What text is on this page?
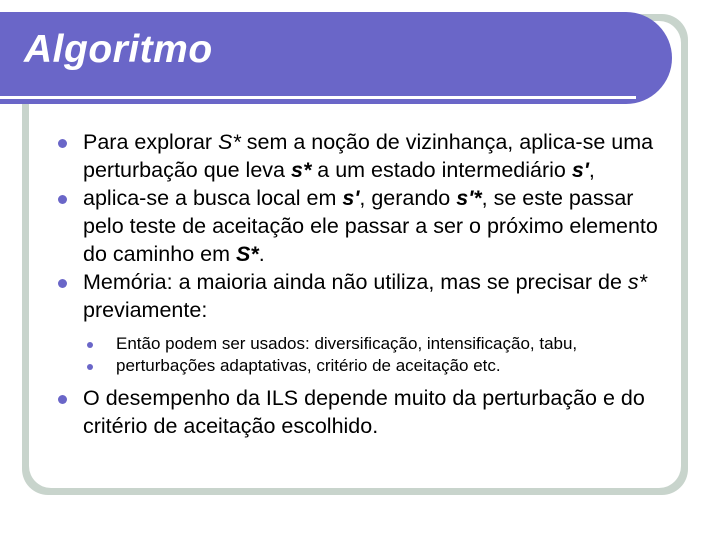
Algoritmo
Para explorar S* sem a noção de vizinhança, aplica-se uma perturbação que leva s* a um estado intermediário s',
aplica-se a busca local em s', gerando s'*, se este passar pelo teste de aceitação ele passar a ser o próximo elemento do caminho em S*.
Memória: a maioria ainda não utiliza, mas se precisar de s* previamente:
Então podem ser usados: diversificação, intensificação, tabu,
perturbações adaptativas, critério de aceitação etc.
O desempenho da ILS depende muito da perturbação e do critério de aceitação escolhido.
